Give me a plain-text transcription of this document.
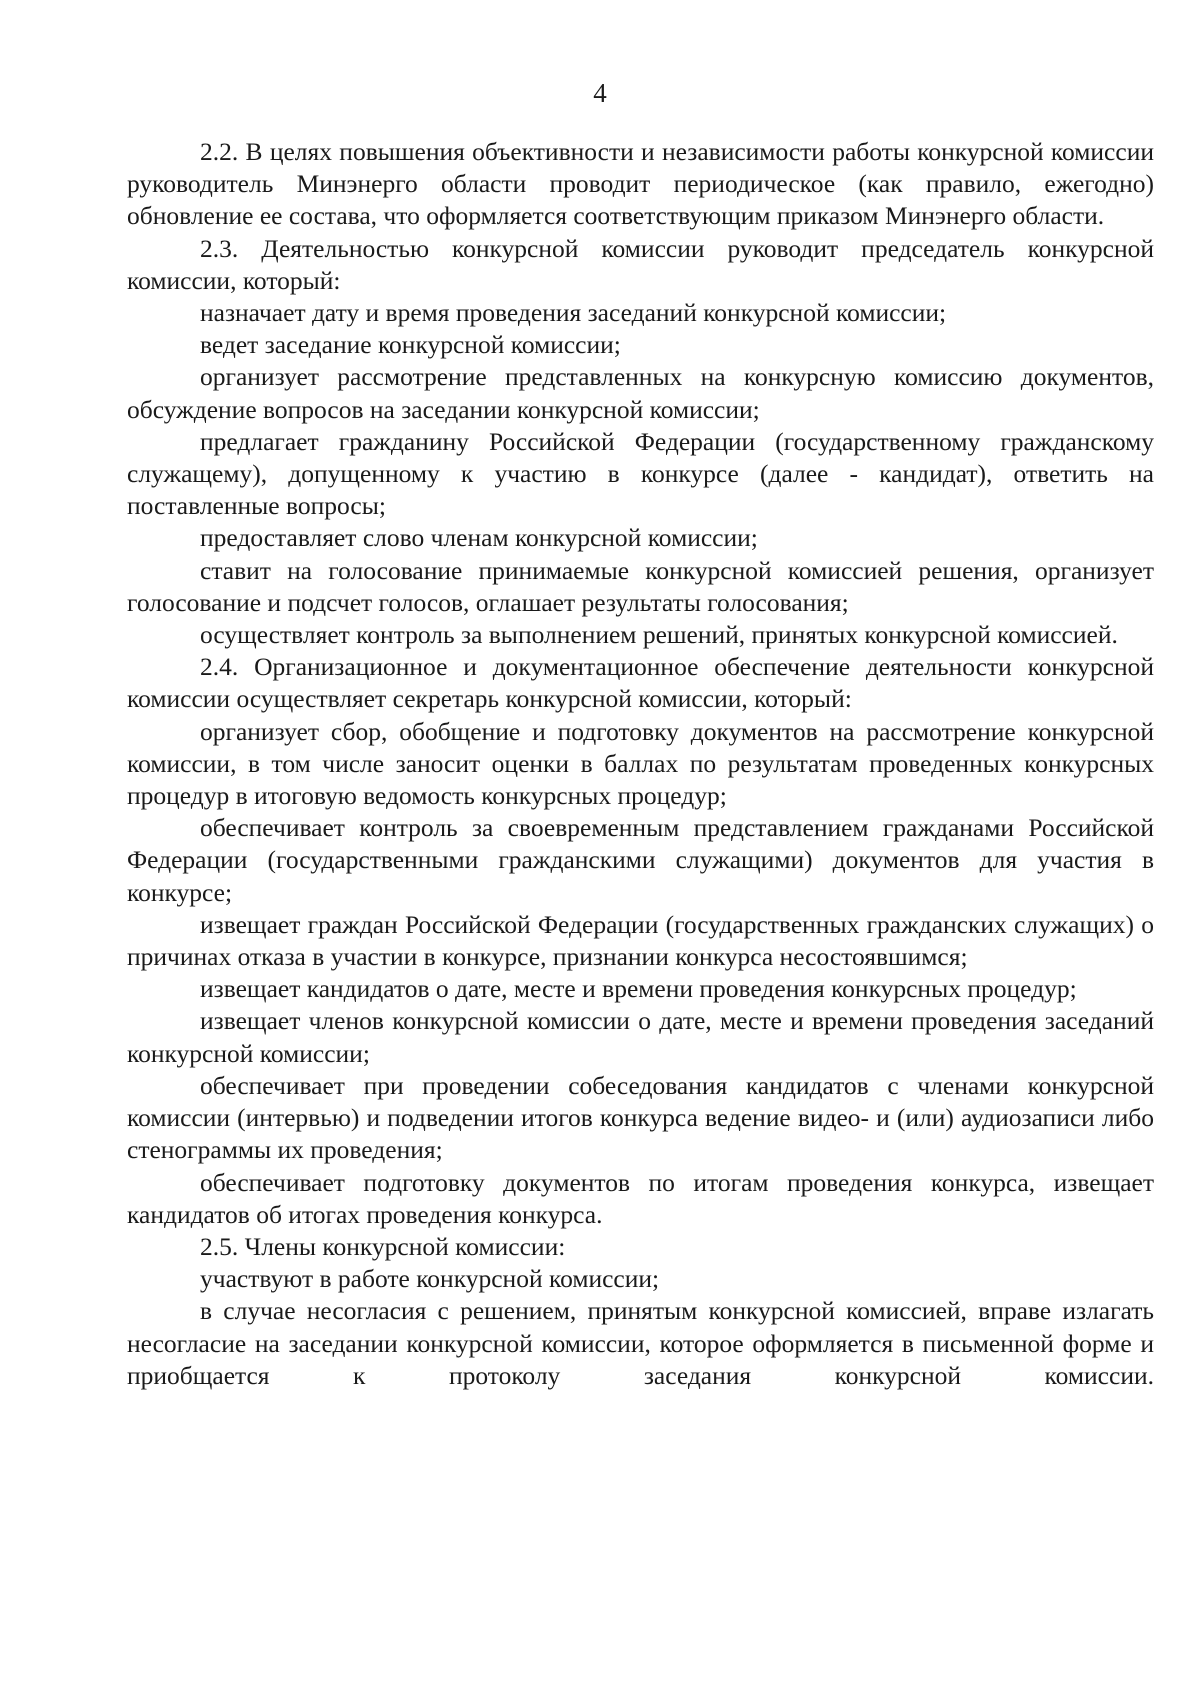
4

2.2. В целях повышения объективности и независимости работы конкурсной комиссии руководитель Минэнерго области проводит периодическое (как правило, ежегодно) обновление ее состава, что оформляется соответствующим приказом Минэнерго области.

2.3. Деятельностью конкурсной комиссии руководит председатель конкурсной комиссии, который:

назначает дату и время проведения заседаний конкурсной комиссии;

ведет заседание конкурсной комиссии;

организует рассмотрение представленных на конкурсную комиссию документов, обсуждение вопросов на заседании конкурсной комиссии;

предлагает гражданину Российской Федерации (государственному гражданскому служащему), допущенному к участию в конкурсе (далее - кандидат), ответить на поставленные вопросы;

предоставляет слово членам конкурсной комиссии;

ставит на голосование принимаемые конкурсной комиссией решения, организует голосование и подсчет голосов, оглашает результаты голосования;

осуществляет контроль за выполнением решений, принятых конкурсной комиссией.

2.4. Организационное и документационное обеспечение деятельности конкурсной комиссии осуществляет секретарь конкурсной комиссии, который:

организует сбор, обобщение и подготовку документов на рассмотрение конкурсной комиссии, в том числе заносит оценки в баллах по результатам проведенных конкурсных процедур в итоговую ведомость конкурсных процедур;

обеспечивает контроль за своевременным представлением гражданами Российской Федерации (государственными гражданскими служащими) документов для участия в конкурсе;

извещает граждан Российской Федерации (государственных гражданских служащих) о причинах отказа в участии в конкурсе, признании конкурса несостоявшимся;

извещает кандидатов о дате, месте и времени проведения конкурсных процедур;

извещает членов конкурсной комиссии о дате, месте и времени проведения заседаний конкурсной комиссии;

обеспечивает при проведении собеседования кандидатов с членами конкурсной комиссии (интервью) и подведении итогов конкурса ведение видео- и (или) аудиозаписи либо стенограммы их проведения;

обеспечивает подготовку документов по итогам проведения конкурса, извещает кандидатов об итогах проведения конкурса.

2.5. Члены конкурсной комиссии:

участвуют в работе конкурсной комиссии;

в случае несогласия с решением, принятым конкурсной комиссией, вправе излагать несогласие на заседании конкурсной комиссии, которое оформляется в письменной форме и приобщается к протоколу заседания конкурсной комиссии.
